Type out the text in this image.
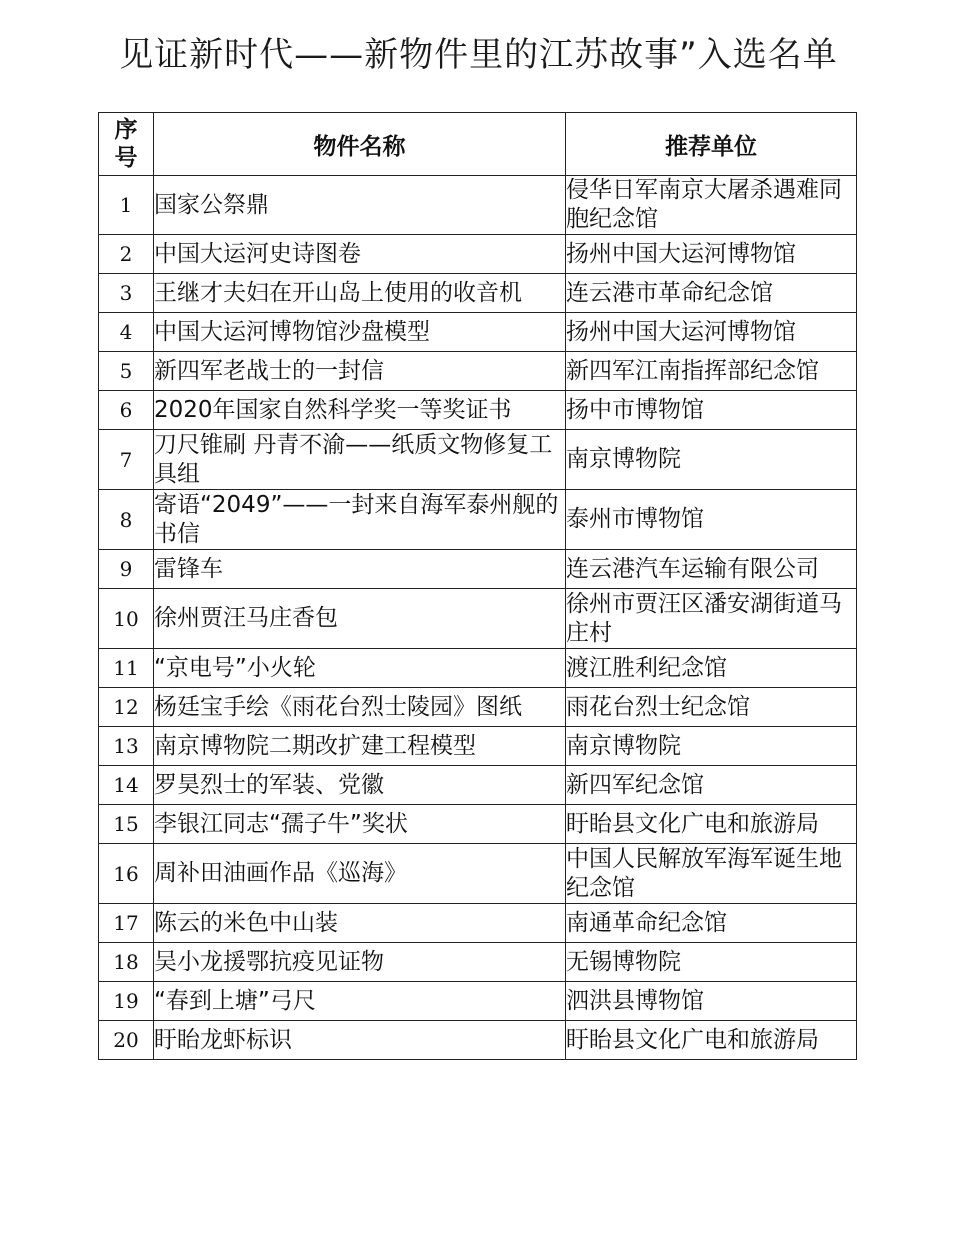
见证新时代——新物件里的江苏故事”入选名单
序
号	物件名称	推荐单位
1	国家公祭鼎	侵华日军南京大屠杀遇难同胞纪念馆
2	中国大运河史诗图卷	扬州中国大运河博物馆
3	王继才夫妇在开山岛上使用的收音机	连云港市革命纪念馆
4	中国大运河博物馆沙盘模型	扬州中国大运河博物馆
5	新四军老战士的一封信	新四军江南指挥部纪念馆
6	2020年国家自然科学奖一等奖证书	扬中市博物馆
7	刀尺锥刷 丹青不渝——纸质文物修复工具组	南京博物院
8	寄语“2049”——一封来自海军泰州舰的书信	泰州市博物馆
9	雷锋车	连云港汽车运输有限公司
10	徐州贾汪马庄香包	徐州市贾汪区潘安湖街道马庄村
11	“京电号”小火轮	渡江胜利纪念馆
12	杨廷宝手绘《雨花台烈士陵园》图纸	雨花台烈士纪念馆
13	南京博物院二期改扩建工程模型	南京博物院
14	罗昊烈士的军装、党徽	新四军纪念馆
15	李银江同志“孺子牛”奖状	盱眙县文化广电和旅游局
16	周补田油画作品《巡海》	中国人民解放军海军诞生地纪念馆
17	陈云的米色中山装	南通革命纪念馆
18	吴小龙援鄂抗疫见证物	无锡博物院
19	“春到上塘”弓尺	泗洪县博物馆
20	盱眙龙虾标识	盱眙县文化广电和旅游局
